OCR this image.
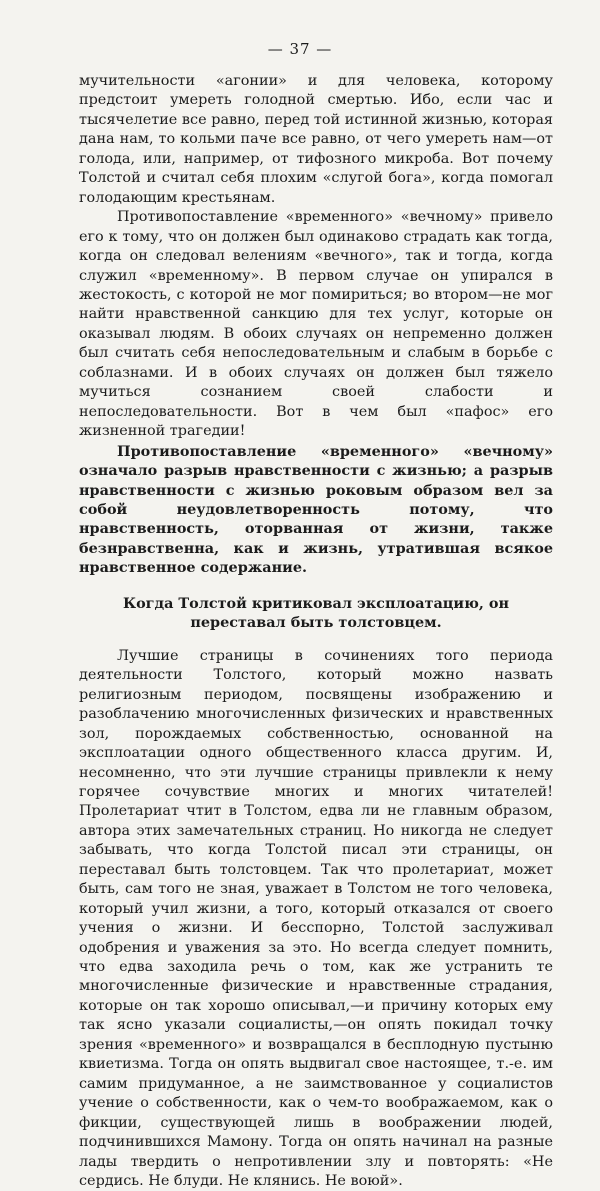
— 37 —

мучительности «агонии» и для человека, которому предстоит умереть голодной смертью. Ибо, если час и тысячелетие все равно, перед той истинной жизнью, которая дана нам, то кольми паче все равно, от чего умереть нам—от голода, или, например, от тифозного микроба. Вот почему Толстой и считал себя плохим «слугой бога», когда помогал голодающим крестьянам.

Противопоставление «временного» «вечному» привело его к тому, что он должен был одинаково страдать как тогда, когда он следовал велениям «вечного», так и тогда, когда служил «временному». В первом случае он упирался в жестокость, с которой не мог помириться; во втором—не мог найти нравственной санкцию для тех услуг, которые он оказывал людям. В обоих случаях он непременно должен был считать себя непоследовательным и слабым в борьбе с соблазнами. И в обоих случаях он должен был тяжело мучиться сознанием своей слабости и непоследовательности. Вот в чем был «пафос» его жизненной трагедии!

Противопоставление «временного» «вечному» означало разрыв нравственности с жизнью; а разрыв нравственности с жизнью роковым образом вел за собой неудовлетворенность потому, что нравственность, оторванная от жизни, также безнравственна, как и жизнь, утратившая всякое нравственное содержание.

Когда Толстой критиковал эксплоатацию, он переставал быть толстовцем.

Лучшие страницы в сочинениях того периода деятельности Толстого, который можно назвать религиозным периодом, посвящены изображению и разоблачению многочисленных физических и нравственных зол, порождаемых собственностью, основанной на эксплоатации одного общественного класса другим. И, несомненно, что эти лучшие страницы привлекли к нему горячее сочувствие многих и многих читателей! Пролетариат чтит в Толстом, едва ли не главным образом, автора этих замечательных страниц. Но никогда не следует забывать, что когда Толстой писал эти страницы, он переставал быть толстовцем. Так что пролетариат, может быть, сам того не зная, уважает в Толстом не того человека, который учил жизни, а того, который отказался от своего учения о жизни. И бесспорно, Толстой заслуживал одобрения и уважения за это. Но всегда следует помнить, что едва заходила речь о том, как же устранить те многочисленные физические и нравственные страдания, которые он так хорошо описывал,—и причину которых ему так ясно указали социалисты,—он опять покидал точку зрения «временного» и возвращался в бесплодную пустыню квиетизма. Тогда он опять выдвигал свое настоящее, т.-е. им самим придуманное, а не заимствованное у социалистов учение о собственности, как о чем-то воображаемом, как о фикции, существующей лишь в воображении людей, подчинившихся Мамону. Тогда он опять начинал на разные лады твердить о непротивлении злу и повторять: «Не сердись. Не блуди. Не клянись. Не воюй».
